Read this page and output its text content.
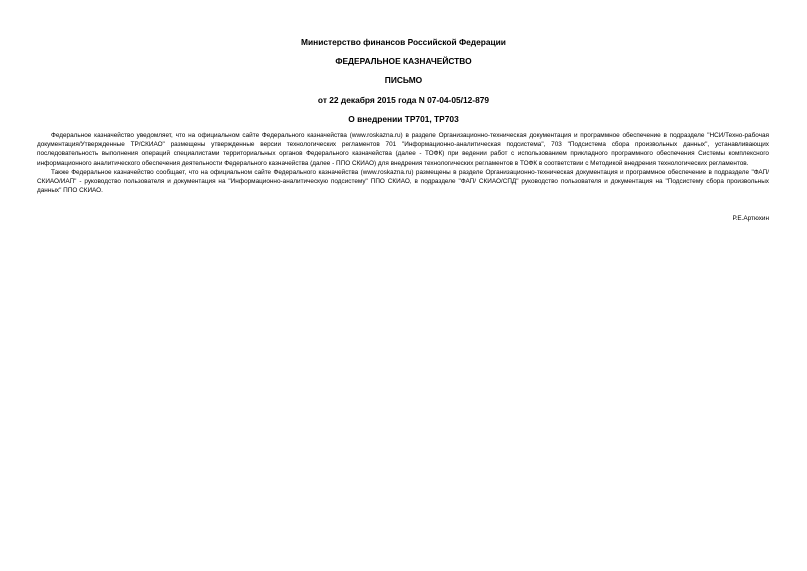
Министерство финансов Российской Федерации
ФЕДЕРАЛЬНОЕ КАЗНАЧЕЙСТВО
ПИСЬМО
от 22 декабря 2015 года N 07-04-05/12-879
О внедрении ТР701, ТР703

Федеральное казначейство уведомляет, что на официальном сайте Федерального казначейства (www.roskazna.ru) в разделе Организационно-техническая документация и программное обеспечение в подразделе "НСИ/Техно-рабочая документация/Утвержденные ТР/СКИАО" размещены утвержденные версии технологических регламентов 701 "Информационно-аналитическая подсистема", 703 "Подсистема сбора произвольных данных", устанавливающих последовательность выполнения операций специалистами территориальных органов Федерального казначейства (далее - ТОФК) при ведении работ с использованием прикладного программного обеспечения Системы комплексного информационного аналитического обеспечения деятельности Федерального казначейства (далее - ППО СКИАО) для внедрения технологических регламентов в ТОФК в соответствии с Методикой внедрения технологических регламентов.

Также Федеральное казначейство сообщает, что на официальном сайте Федерального казначейства (www.roskazna.ru) размещены в разделе Организационно-техническая документация и программное обеспечение в подразделе "ФАП/СКИАО/ИАП" - руководство пользователя и документация на "Информационно-аналитическую подсистему" ППО СКИАО, в подразделе "ФАП/ СКИАО/СПД" руководство пользователя и документация на "Подсистему сбора произвольных данных" ППО СКИАО.

Р.Е.Артюхин
